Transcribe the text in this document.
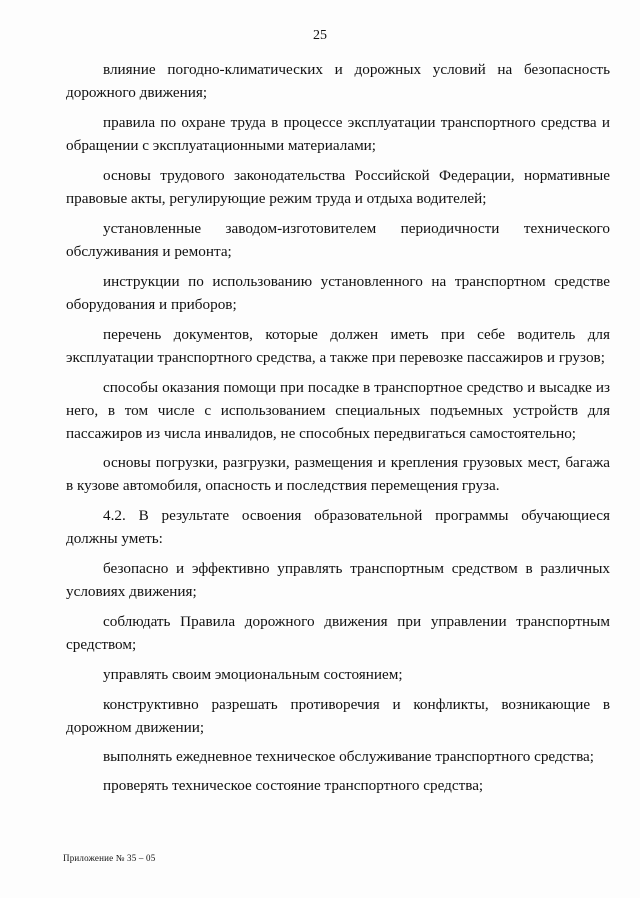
25

влияние погодно-климатических и дорожных условий на безопасность дорожного движения;

правила по охране труда в процессе эксплуатации транспортного средства и обращении с эксплуатационными материалами;

основы трудового законодательства Российской Федерации, нормативные правовые акты, регулирующие режим труда и отдыха водителей;

установленные заводом-изготовителем периодичности технического обслуживания и ремонта;

инструкции по использованию установленного на транспортном средстве оборудования и приборов;

перечень документов, которые должен иметь при себе водитель для эксплуатации транспортного средства, а также при перевозке пассажиров и грузов;

способы оказания помощи при посадке в транспортное средство и высадке из него, в том числе с использованием специальных подъемных устройств для пассажиров из числа инвалидов, не способных передвигаться самостоятельно;

основы погрузки, разгрузки, размещения и крепления грузовых мест, багажа в кузове автомобиля, опасность и последствия перемещения груза.

4.2. В результате освоения образовательной программы обучающиеся должны уметь:

безопасно и эффективно управлять транспортным средством в различных условиях движения;

соблюдать Правила дорожного движения при управлении транспортным средством;

управлять своим эмоциональным состоянием;

конструктивно разрешать противоречия и конфликты, возникающие в дорожном движении;

выполнять ежедневное техническое обслуживание транспортного средства;

проверять техническое состояние транспортного средства;

Приложение № 35 – 05
